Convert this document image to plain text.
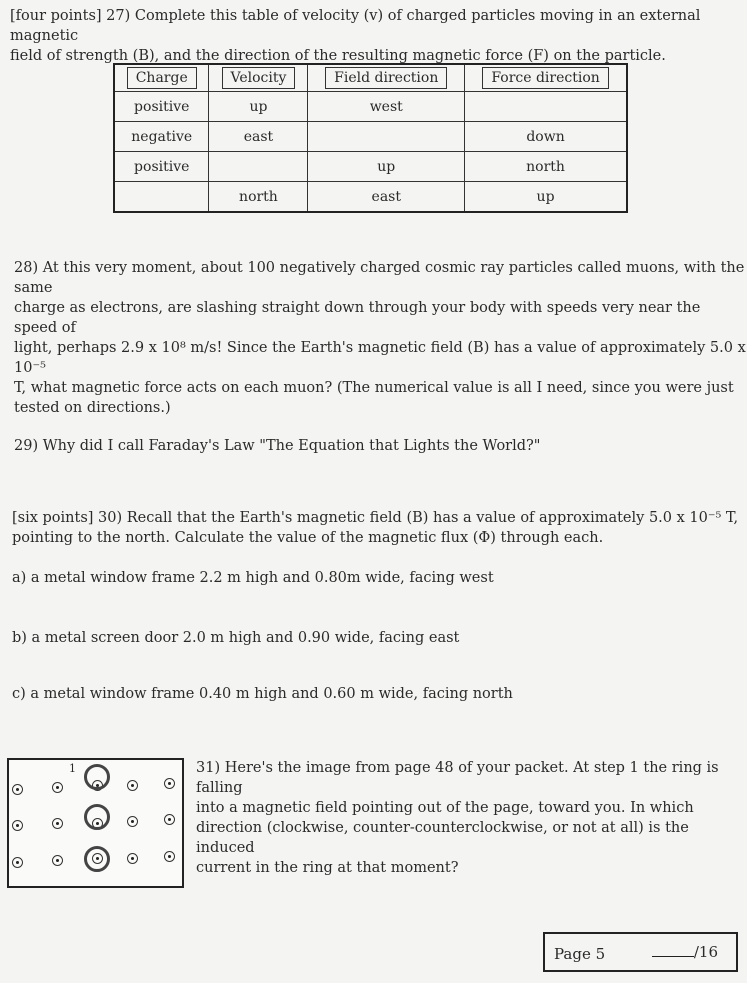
[four points] 27) Complete this table of velocity (v) of charged particles moving in an external magnetic

field of strength (B), and the direction of the resulting magnetic force (F) on the particle.

Charge	Velocity	Field direction	Force direction
positive	up	west	
negative	east		down
positive		up	north
	north	east	up

28) At this very moment, about 100 negatively charged cosmic ray particles called muons, with the same

charge as electrons, are slashing straight down through your body with speeds very near the speed of

light, perhaps 2.9 x 10⁸ m/s! Since the Earth's magnetic field (B) has a value of approximately 5.0 x 10⁻⁵

T, what magnetic force acts on each muon? (The numerical value is all I need, since you were just

tested on directions.)

29) Why did I call Faraday's Law "The Equation that Lights the World?"

[six points] 30) Recall that the Earth's magnetic field (B) has a value of approximately 5.0 x 10⁻⁵ T,

pointing to the north. Calculate the value of the magnetic flux (Φ) through each.

a) a metal window frame 2.2 m high and 0.80m wide, facing west

b) a metal screen door 2.0 m high and 0.90 wide, facing east

c) a metal window frame 0.40 m high and 0.60 m wide, facing north

1	31) Here's the image from page 48 of your packet. At step 1 the ring is falling

into a magnetic field pointing out of the page, toward you. In which

direction (clockwise, counter-counterclockwise, or not at all) is the induced

current in the ring at that moment?

Page 5	/16
